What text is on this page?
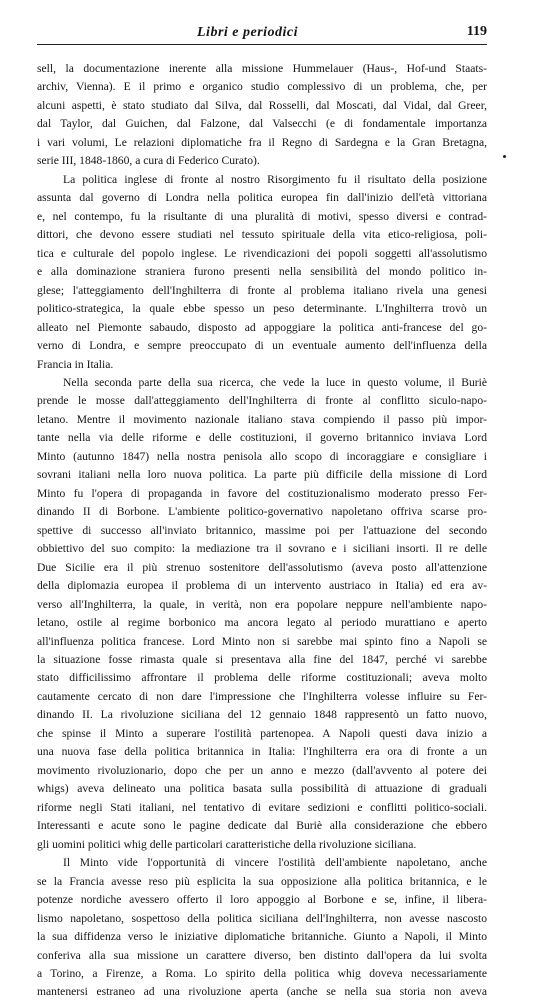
Libri e periodici	119
sell, la documentazione inerente alla missione Hummelauer (Haus-, Hof-und Staats-
archiv, Vienna). E il primo e organico studio complessivo di un problema, che, per
alcuni aspetti, è stato studiato dal Silva, dal Rosselli, dal Moscati, dal Vidal, dal Greer,
dal Taylor, dal Guichen, dal Falzone, dal Valsecchi (e di fondamentale importanza
i vari volumi, Le relazioni diplomatiche fra il Regno di Sardegna e la Gran Bretagna,
serie III, 1848-1860, a cura di Federico Curato).
La politica inglese di fronte al nostro Risorgimento fu il risultato della posizione
assunta dal governo di Londra nella politica europea fin dall'inizio dell'età vittoriana
e, nel contempo, fu la risultante di una pluralità di motivi, spesso diversi e contrad-
dittori, che devono essere studiati nel tessuto spirituale della vita etico-religiosa, poli-
tica e culturale del popolo inglese. Le rivendicazioni dei popoli soggetti all'assolutismo
e alla dominazione straniera furono presenti nella sensibilità del mondo politico in-
glese; l'atteggiamento dell'Inghilterra di fronte al problema italiano rivela una genesi
politico-strategica, la quale ebbe spesso un peso determinante. L'Inghilterra trovò un
alleato nel Piemonte sabaudo, disposto ad appoggiare la politica anti-francese del go-
verno di Londra, e sempre preoccupato di un eventuale aumento dell'influenza della
Francia in Italia.
Nella seconda parte della sua ricerca, che vede la luce in questo volume, il Buriè
prende le mosse dall'atteggiamento dell'Inghilterra di fronte al conflitto siculo-napo-
letano. Mentre il movimento nazionale italiano stava compiendo il passo più impor-
tante nella via delle riforme e delle costituzioni, il governo britannico inviava Lord
Minto (autunno 1847) nella nostra penisola allo scopo di incoraggiare e consigliare i
sovrani italiani nella loro nuova politica. La parte più difficile della missione di Lord
Minto fu l'opera di propaganda in favore del costituzionalismo moderato presso Fer-
dinando II di Borbone. L'ambiente politico-governativo napoletano offriva scarse pro-
spettive di successo all'inviato britannico, massime poi per l'attuazione del secondo
obbiettivo del suo compito: la mediazione tra il sovrano e i siciliani insorti. Il re delle
Due Sicilie era il più strenuo sostenitore dell'assolutismo (aveva posto all'attenzione
della diplomazia europea il problema di un intervento austriaco in Italia) ed era av-
verso all'Inghilterra, la quale, in verità, non era popolare neppure nell'ambiente napo-
letano, ostile al regime borbonico ma ancora legato al periodo murattiano e aperto
all'influenza politica francese. Lord Minto non si sarebbe mai spinto fino a Napoli se
la situazione fosse rimasta quale si presentava alla fine del 1847, perché vi sarebbe
stato difficilissimo affrontare il problema delle riforme costituzionali; aveva molto
cautamente cercato di non dare l'impressione che l'Inghilterra volesse influire su Fer-
dinando II. La rivoluzione siciliana del 12 gennaio 1848 rappresentò un fatto nuovo,
che spinse il Minto a superare l'ostilità partenopea. A Napoli questi dava inizio a
una nuova fase della politica britannica in Italia: l'Inghilterra era ora di fronte a un
movimento rivoluzionario, dopo che per un anno e mezzo (dall'avvento al potere dei
whigs) aveva delineato una politica basata sulla possibilità di attuazione di graduali
riforme negli Stati italiani, nel tentativo di evitare sedizioni e conflitti politico-sociali.
Interessanti e acute sono le pagine dedicate dal Buriè alla considerazione che ebbero
gli uomini politici whig delle particolari caratteristiche della rivoluzione siciliana.
Il Minto vide l'opportunità di vincere l'ostilità dell'ambiente napoletano, anche
se la Francia avesse reso più esplicita la sua opposizione alla politica britannica, e le
potenze nordiche avessero offerto il loro appoggio al Borbone e se, infine, il libera-
lismo napoletano, sospettoso della politica siciliana dell'Inghilterra, non avesse nascosto
la sua diffidenza verso le iniziative diplomatiche britanniche. Giunto a Napoli, il Minto
conferiva alla sua missione un carattere diverso, ben distinto dall'opera da lui svolta
a Torino, a Firenze, a Roma. Lo spirito della politica whig doveva necessariamente
mantenersi estraneo ad una rivoluzione aperta (anche se nella sua storia non aveva
